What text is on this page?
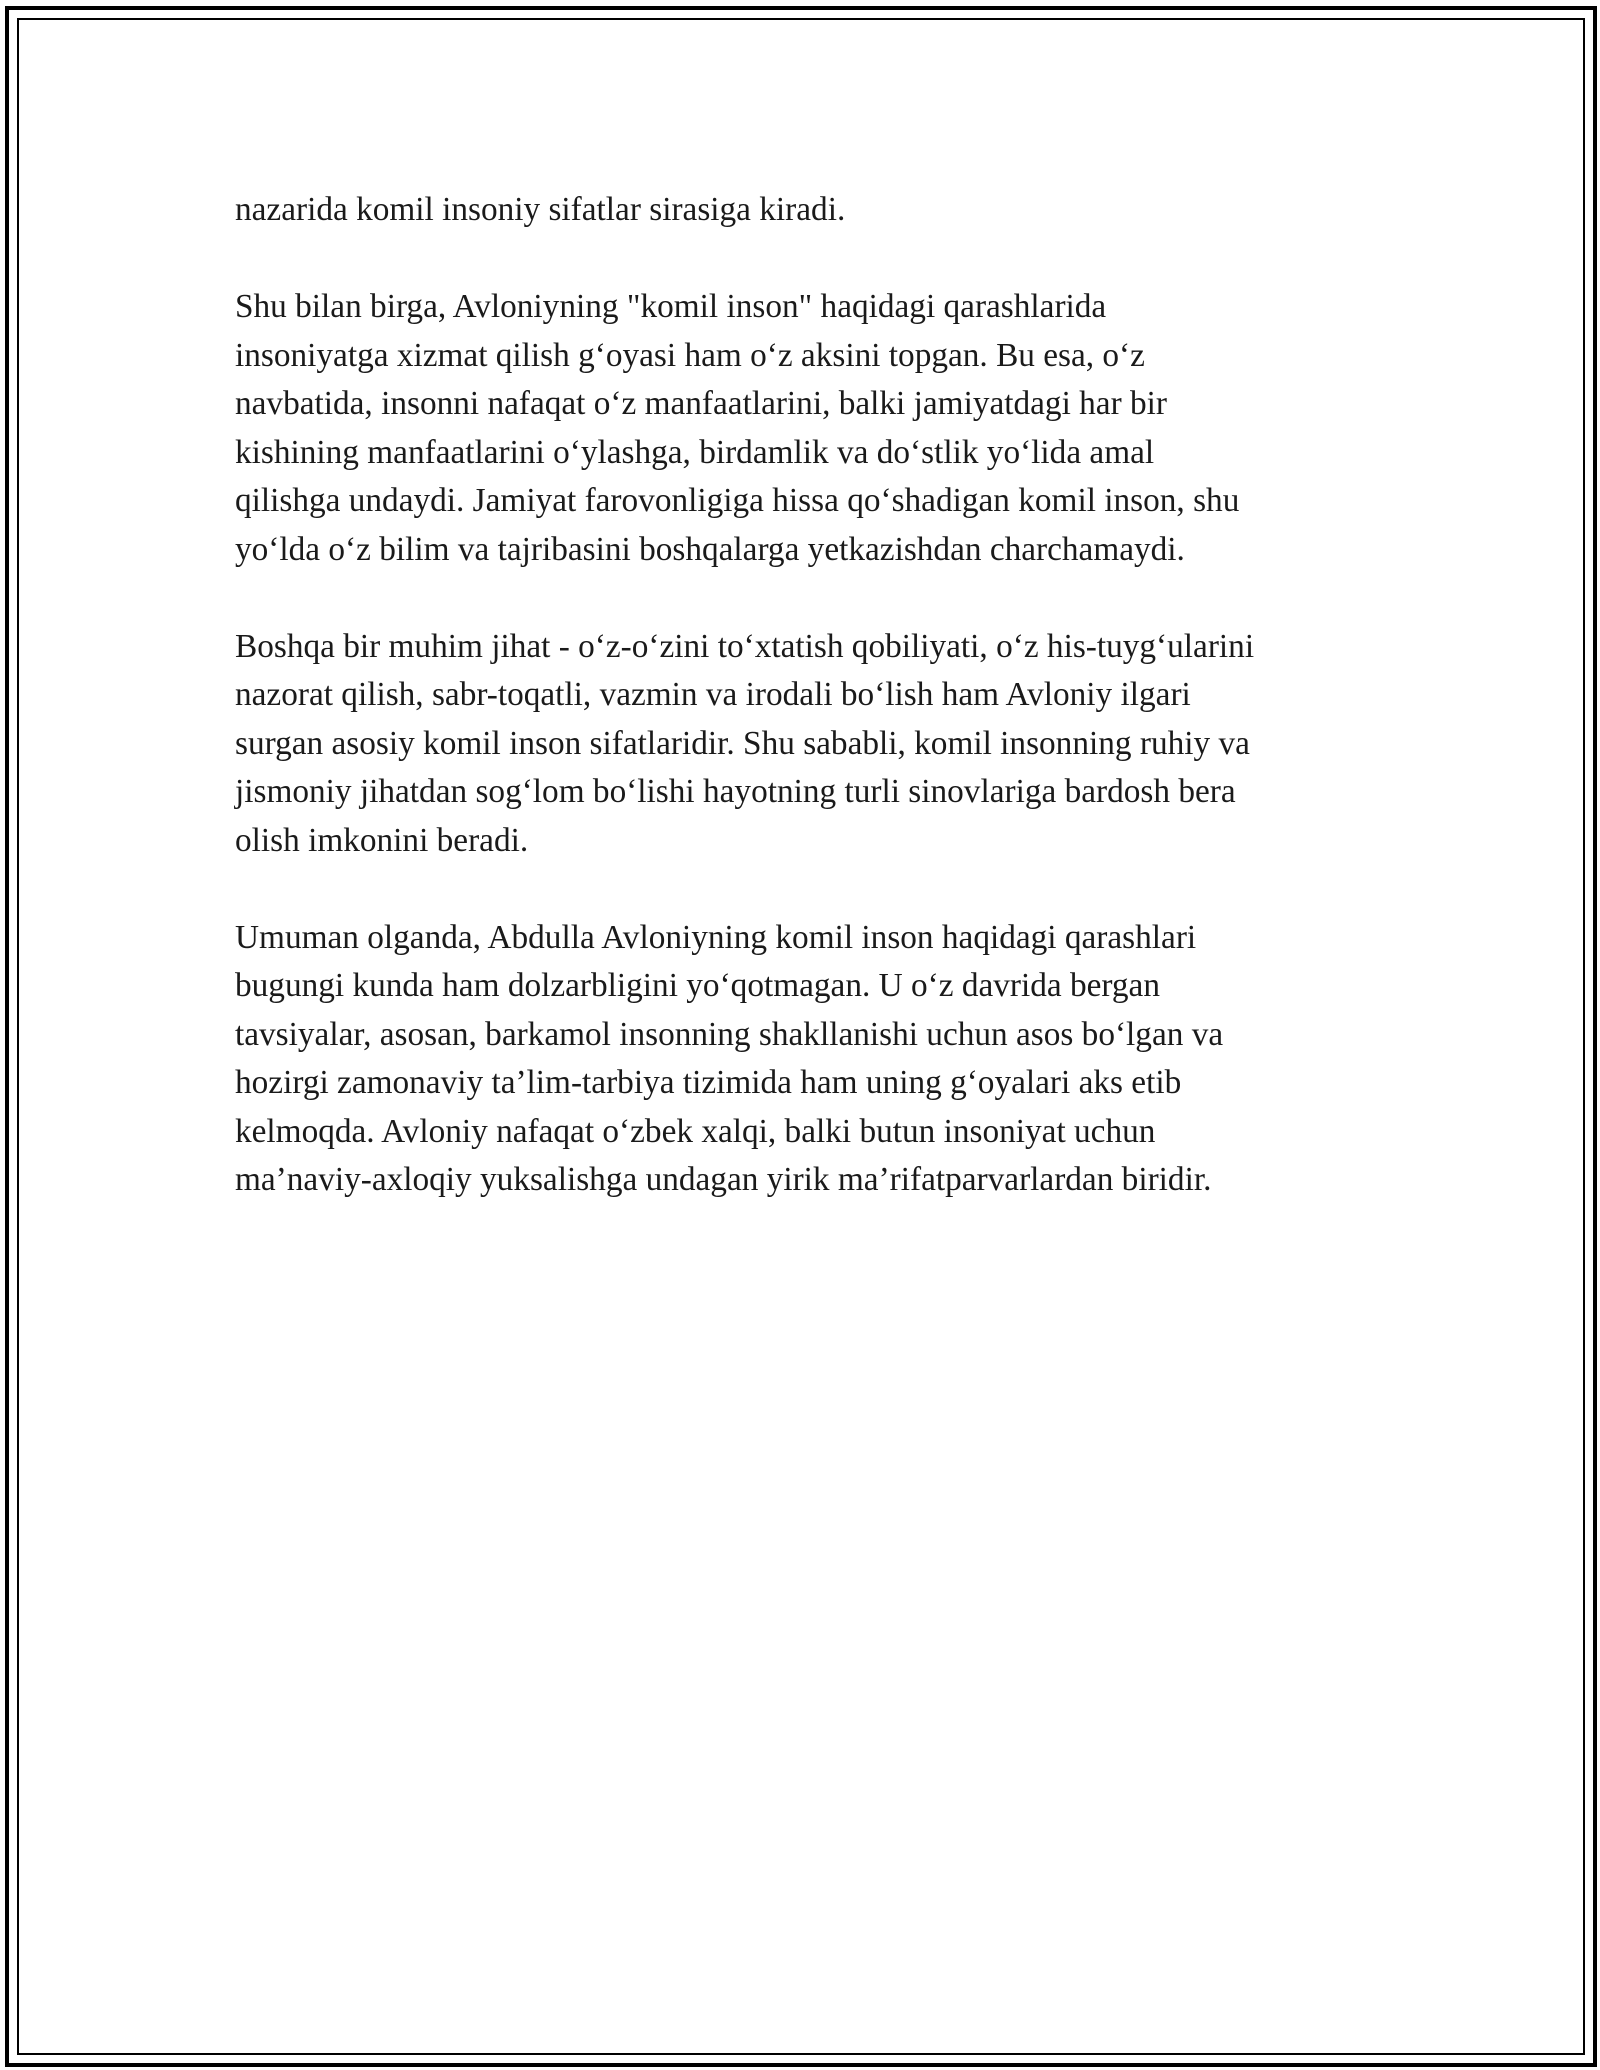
nazarida komil insoniy sifatlar sirasiga kiradi.

Shu bilan birga, Avloniyning "komil inson" haqidagi qarashlarida
insoniyatga xizmat qilish g‘oyasi ham o‘z aksini topgan. Bu esa, o‘z
navbatida, insonni nafaqat o‘z manfaatlarini, balki jamiyatdagi har bir
kishining manfaatlarini o‘ylashga, birdamlik va do‘stlik yo‘lida amal
qilishga undaydi. Jamiyat farovonligiga hissa qo‘shadigan komil inson, shu
yo‘lda o‘z bilim va tajribasini boshqalarga yetkazishdan charchamaydi.

Boshqa bir muhim jihat - o‘z-o‘zini to‘xtatish qobiliyati, o‘z his-tuyg‘ularini
nazorat qilish, sabr-toqatli, vazmin va irodali bo‘lish ham Avloniy ilgari
surgan asosiy komil inson sifatlaridir. Shu sababli, komil insonning ruhiy va
jismoniy jihatdan sog‘lom bo‘lishi hayotning turli sinovlariga bardosh bera
olish imkonini beradi.

Umuman olganda, Abdulla Avloniyning komil inson haqidagi qarashlari
bugungi kunda ham dolzarbligini yo‘qotmagan. U o‘z davrida bergan
tavsiyalar, asosan, barkamol insonning shakllanishi uchun asos bo‘lgan va
hozirgi zamonaviy ta’lim-tarbiya tizimida ham uning g‘oyalari aks etib
kelmoqda. Avloniy nafaqat o‘zbek xalqi, balki butun insoniyat uchun
ma’naviy-axloqiy yuksalishga undagan yirik ma’rifatparvarlardan biridir.
